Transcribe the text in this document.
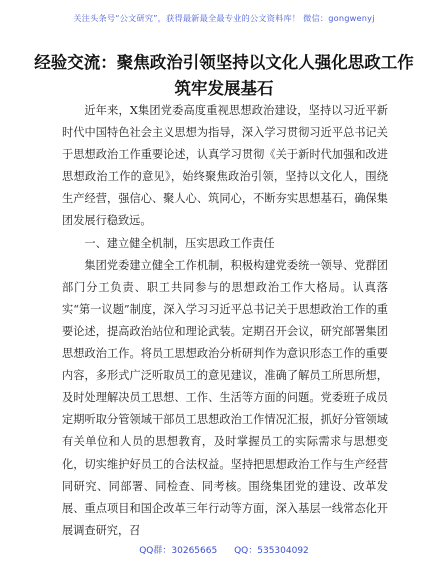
关注头条号“公文研究”，获得最新最全最专业的公文资料库！ 微信：gongwenyj
经验交流：聚焦政治引领坚持以文化人强化思政工作筑牢发展基石

近年来，X集团党委高度重视思想政治建设，坚持以习近平新时代中国特色社会主义思想为指导，深入学习贯彻习近平总书记关于思想政治工作重要论述，认真学习贯彻《关于新时代加强和改进思想政治工作的意见》，始终聚焦政治引领，坚持以文化人，围绕生产经营，强信心、聚人心、筑同心，不断夯实思想基石，确保集团发展行稳致远。

一、建立健全机制，压实思政工作责任

集团党委建立健全工作机制，积极构建党委统一领导、党群团部门分工负责、职工共同参与的思想政治工作大格局。认真落实“第一议题”制度，深入学习习近平总书记关于思想政治工作的重要论述，提高政治站位和理论武装。定期召开会议，研究部署集团思想政治工作。将员工思想政治分析研判作为意识形态工作的重要内容，多形式广泛听取员工的意见建议，准确了解员工所思所想，及时处理解决员工思想、工作、生活等方面的问题。党委班子成员定期听取分管领域干部员工思想政治工作情况汇报，抓好分管领域有关单位和人员的思想教育，及时掌握员工的实际需求与思想变化，切实维护好员工的合法权益。坚持把思想政治工作与生产经营同研究、同部署、同检查、同考核。围绕集团党的建设、改革发展、重点项目和国企改革三年行动等方面，深入基层一线常态化开展调查研究，召

QQ群：30265665 QQ：535304092
